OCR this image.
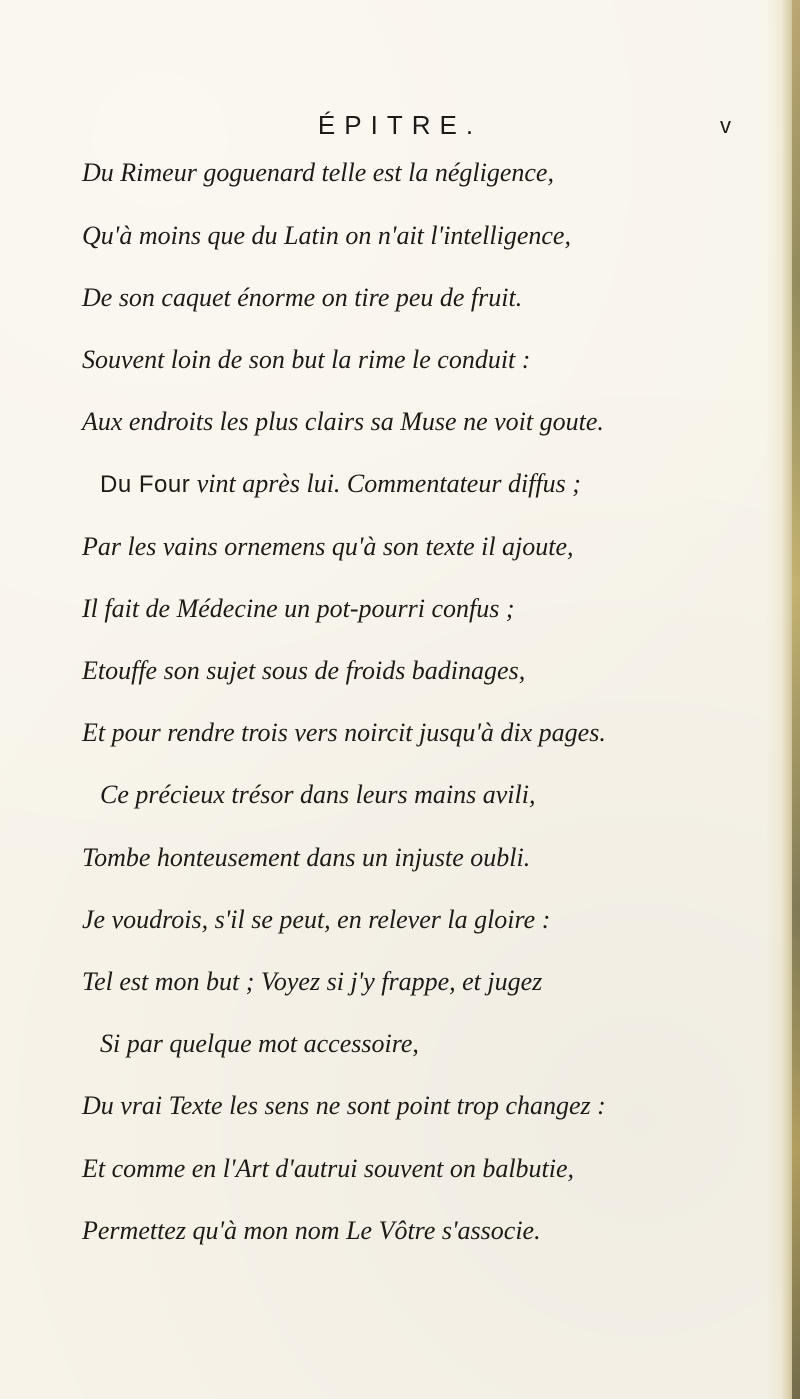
ÉPITRE.	v
Du Rimeur goguenard telle est la négligence,
Qu'à moins que du Latin on n'ait l'intelligence,
De son caquet énorme on tire peu de fruit.
Souvent loin de son but la rime le conduit :
Aux endroits les plus clairs sa Muse ne voit goute.
Du Four vint après lui. Commentateur diffus ;
Par les vains ornemens qu'à son texte il ajoute,
Il fait de Médecine un pot-pourri confus ;
Etouffe son sujet sous de froids badinages,
Et pour rendre trois vers noircit jusqu'à dix pages.
Ce précieux trésor dans leurs mains avili,
Tombe honteusement dans un injuste oubli.
Je voudrois, s'il se peut, en relever la gloire :
Tel est mon but ; Voyez si j'y frappe, et jugez
Si par quelque mot accessoire,
Du vrai Texte les sens ne sont point trop changez :
Et comme en l'Art d'autrui souvent on balbutie,
Permettez qu'à mon nom Le Vôtre s'associe.
